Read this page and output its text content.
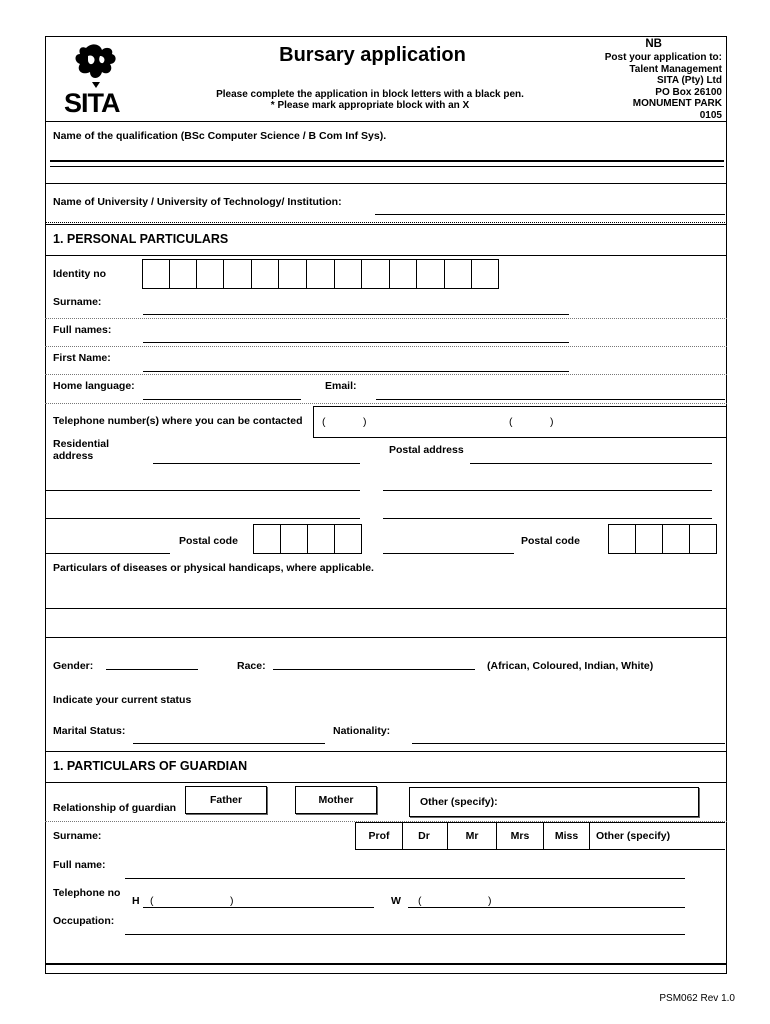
SITA
Bursary application
Please complete the application in block letters with a black pen.
* Please mark appropriate block with an X
NB
Post your application to:
Talent Management
SITA (Pty) Ltd
PO Box 26100
MONUMENT PARK
0105
Name of the qualification (BSc Computer Science / B Com Inf Sys).
Name of University / University of Technology/ Institution:
1. PERSONAL PARTICULARS
Identity no
Surname:
Full names:
First Name:
Home language:	Email:
Telephone number(s) where you can be contacted (	)	(	)
Residential
address	Postal address
Postal code	Postal code
Particulars of diseases or physical handicaps, where applicable.
Gender:	Race:	(African, Coloured, Indian, White)
Indicate your current status
Marital Status:	Nationality:
1. PARTICULARS OF GUARDIAN
Relationship of guardian
Father	Mother	Other (specify):
Surname:	Prof	Dr	Mr	Mrs	Miss	Other (specify)
Full name:
Telephone no
H (	)	W (	)
Occupation:
PSM062 Rev 1.0
